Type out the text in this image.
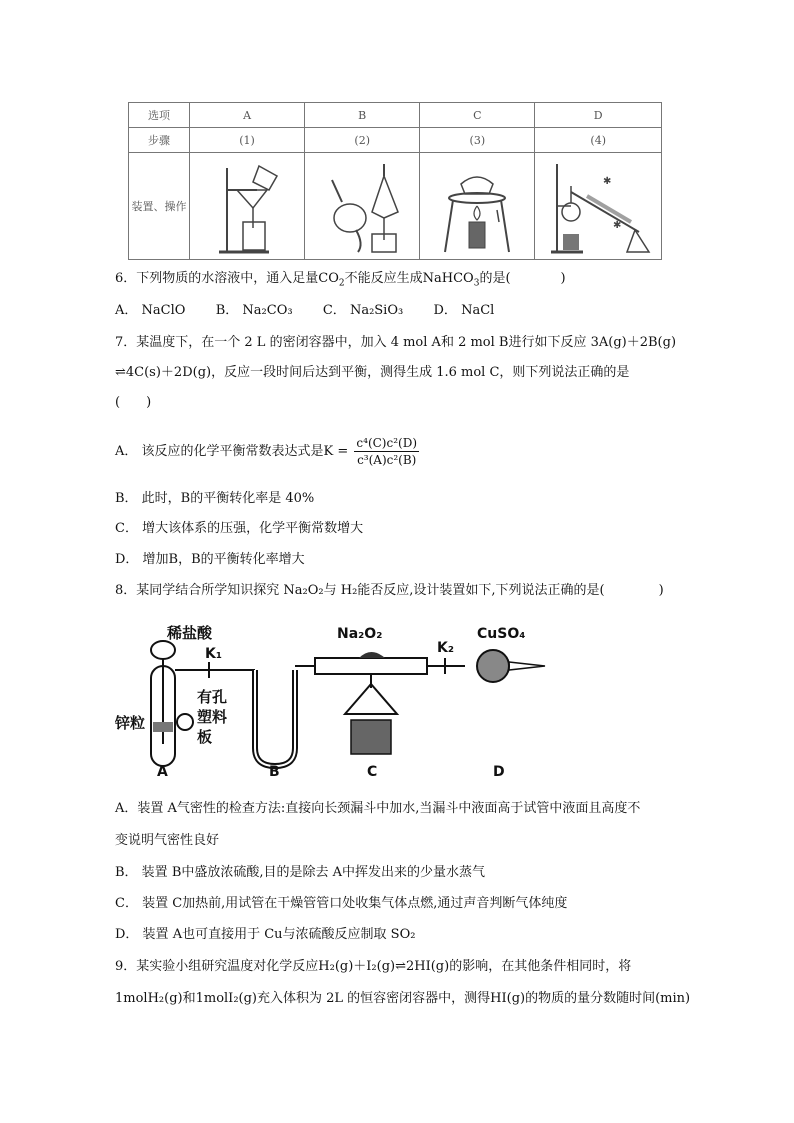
选项	A	B	C	D
步骤	(1)	(2)	(3)	(4)
装置、操作				✱
✱
6．下列物质的水溶液中，通入足量$CO_2$不能反应生成NaHCO$_3$的是(	)
A． NaClO B． Na₂CO₃ C． Na₂SiO₃ D． NaCl
7．某温度下，在一个 2 L 的密闭容器中，加入 4 mol A和 2 mol B进行如下反应 3A(g)＋2B(g)
⇌4C(s)＋2D(g)，反应一段时间后达到平衡，测得生成 1.6 mol C，则下列说法正确的是
(　　)
A． 该反应的化学平衡常数表达式是$K = \frac{\text{c⁴(C)c²(D)}}{\text{c³(A)c²(B)}}$
B． 此时，B的平衡转化率是 40%
C． 增大该体系的压强，化学平衡常数增大
D． 增加B，B的平衡转化率增大
8．某同学结合所学知识探究 Na₂O₂与 H₂能否反应,设计装置如下,下列说法正确的是(	)
稀盐酸
K₁
锌粒
有孔
塑料
板
Na₂O₂
K₂
CuSO₄
A	B	C	D
A．装置 A气密性的检查方法:直接向长颈漏斗中加水,当漏斗中液面高于试管中液面且高度不
变说明气密性良好
B． 装置 B中盛放浓硫酸,目的是除去 A中挥发出来的少量水蒸气
C． 装置 C加热前,用试管在干燥管管口处收集气体点燃,通过声音判断气体纯度
D． 装置 A也可直接用于 Cu与浓硫酸反应制取 SO₂
9．某实验小组研究温度对化学反应H₂(g)＋I₂(g)⇌2HI(g)的影响，在其他条件相同时，将
1molH₂(g)和1molI₂(g)充入体积为 2L 的恒容密闭容器中，测得HI(g)的物质的量分数随时间(min)
